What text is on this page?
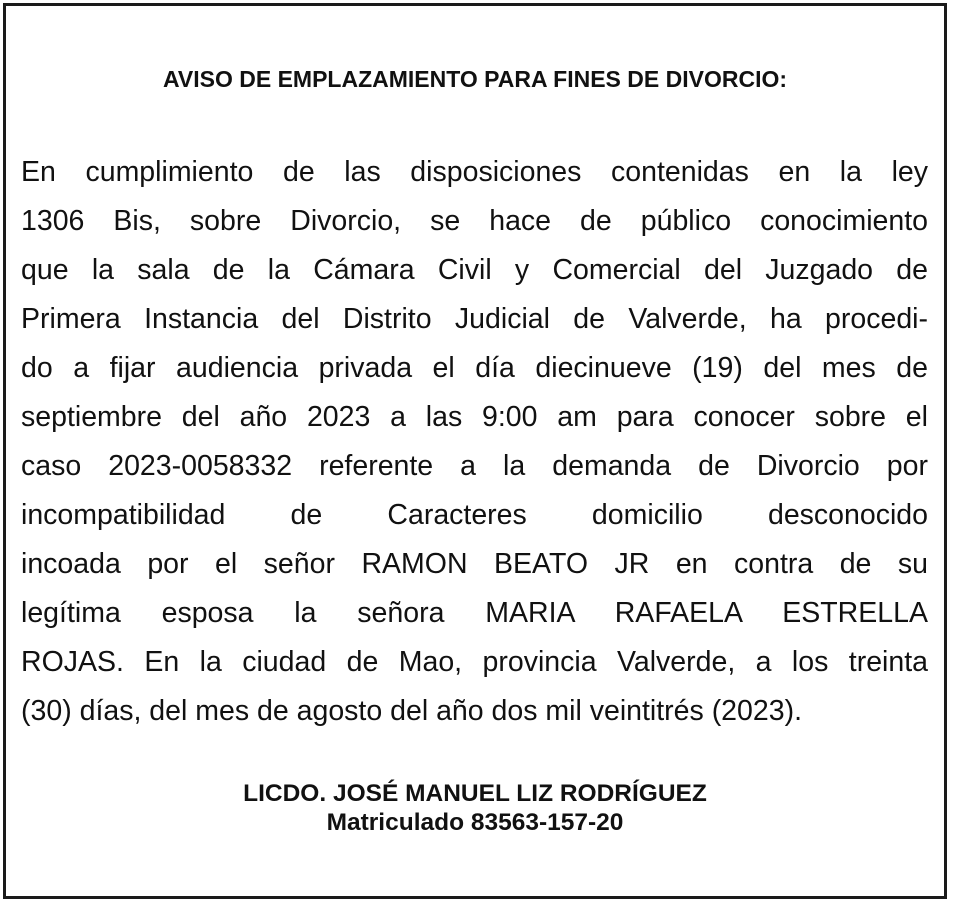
AVISO DE EMPLAZAMIENTO PARA FINES DE DIVORCIO:
En cumplimiento de las disposiciones contenidas en la ley
1306 Bis, sobre Divorcio, se hace de público conocimiento
que la sala de la Cámara Civil y Comercial del Juzgado de
Primera Instancia del Distrito Judicial de Valverde, ha procedi-
do a fijar audiencia privada el día diecinueve (19) del mes de
septiembre del año 2023 a las 9:00 am para conocer sobre el
caso 2023-0058332 referente a la demanda de Divorcio por
incompatibilidad de Caracteres domicilio desconocido
incoada por el señor RAMON BEATO JR en contra de su
legítima esposa la señora MARIA RAFAELA ESTRELLA
ROJAS. En la ciudad de Mao, provincia Valverde, a los treinta
(30) días, del mes de agosto del año dos mil veintitrés (2023).
LICDO. JOSÉ MANUEL LIZ RODRÍGUEZ
Matriculado 83563-157-20
